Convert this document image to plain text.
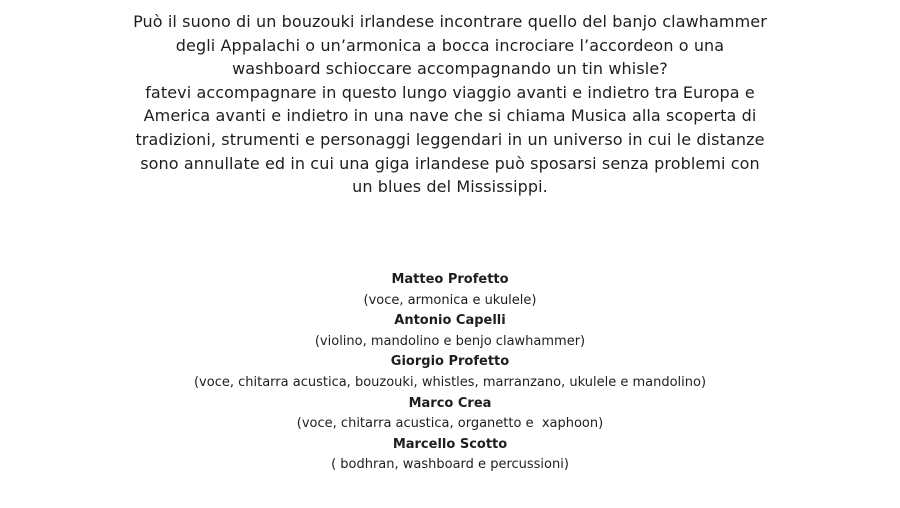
Può il suono di un bouzouki irlandese incontrare quello del banjo clawhammer
degli Appalachi o un’armonica a bocca incrociare l’accordeon o una
washboard schioccare accompagnando un tin whisle?
fatevi accompagnare in questo lungo viaggio avanti e indietro tra Europa e
America avanti e indietro in una nave che si chiama Musica alla scoperta di
tradizioni, strumenti e personaggi leggendari in un universo in cui le distanze
sono annullate ed in cui una giga irlandese può sposarsi senza problemi con
un blues del Mississippi.

Matteo Profetto
(voce, armonica e ukulele)
Antonio Capelli
(violino, mandolino e benjo clawhammer)
Giorgio Profetto
(voce, chitarra acustica, bouzouki, whistles, marranzano, ukulele e mandolino)
Marco Crea
(voce, chitarra acustica, organetto e  xaphoon)
Marcello Scotto
( bodhran, washboard e percussioni)
